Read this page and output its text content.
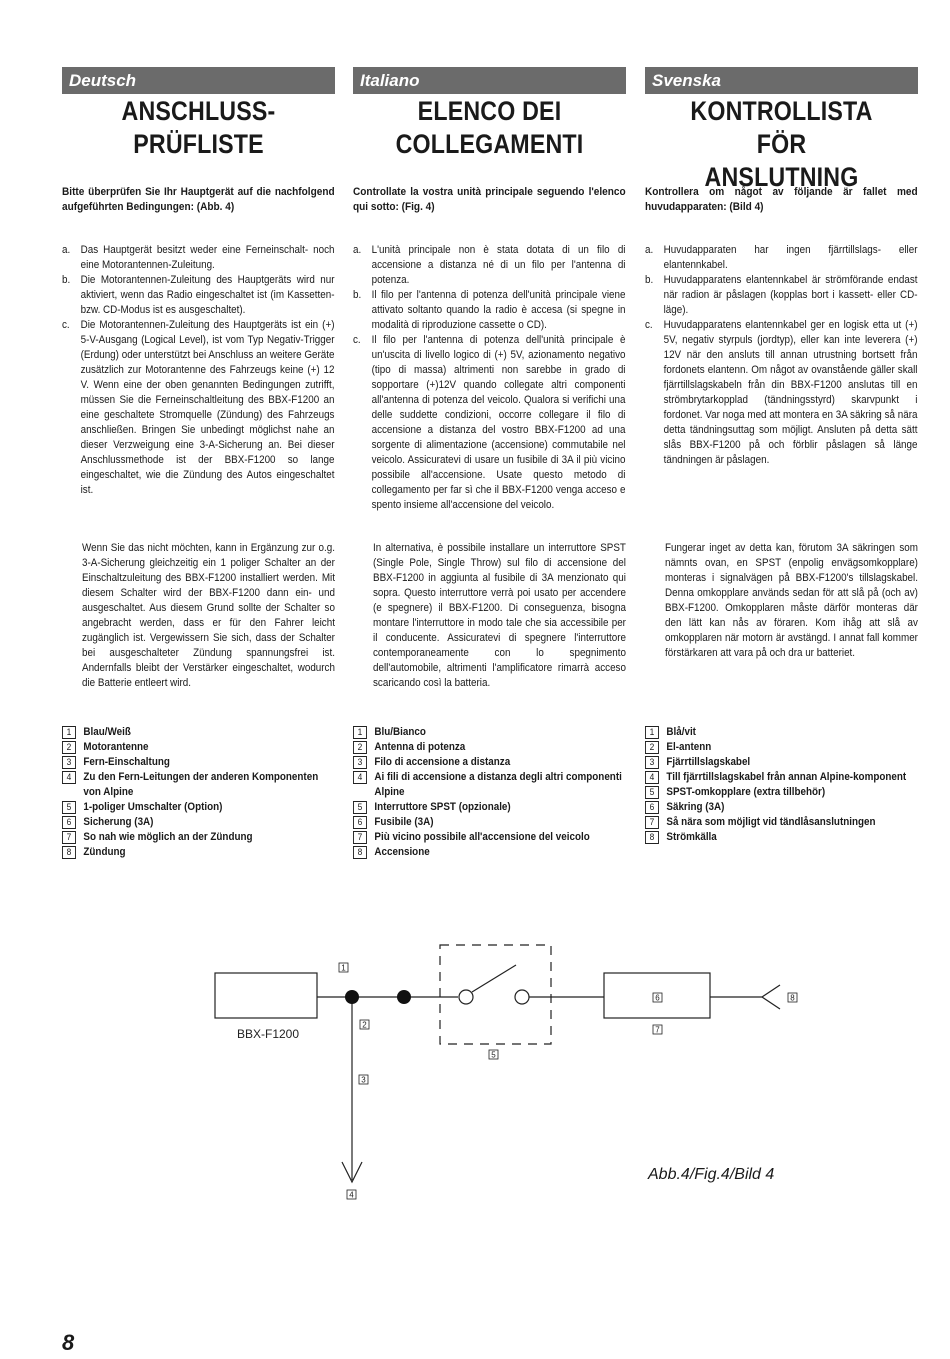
Deutsch
ANSCHLUSS-
PRÜFLISTE
Bitte überprüfen Sie Ihr Hauptgerät auf die nachfolgend aufgeführten Bedingungen: (Abb. 4)
a. Das Hauptgerät besitzt weder eine Ferneinschalt- noch eine Motorantennen-Zuleitung.
b. Die Motorantennen-Zuleitung des Hauptgeräts wird nur aktiviert, wenn das Radio eingeschaltet ist (im Kassetten- bzw. CD-Modus ist es ausgeschaltet).
c.	Die Motorantennen-Zuleitung des Hauptgeräts ist ein (+) 5-V-Ausgang (Logical Level), ist vom Typ Negativ-Trigger (Erdung) oder unterstützt bei Anschluss an weitere Geräte zusätzlich zur Motorantenne des Fahrzeugs keine (+) 12 V. Wenn eine der oben genannten Bedingungen zutrifft, müssen Sie die Ferneinschaltleitung des BBX-F1200 an eine geschaltete Stromquelle (Zündung) des Fahrzeugs anschließen. Bringen Sie unbedingt möglichst nahe an dieser Verzweigung eine 3-A-Sicherung an. Bei dieser Anschlussmethode ist der BBX-F1200 so lange eingeschaltet, wie die Zündung des Autos eingeschaltet ist.
Wenn Sie das nicht möchten, kann in Ergänzung zur o.g. 3-A-Sicherung gleichzeitig ein 1 poliger Schalter an der Einschaltzuleitung des BBX-F1200 installiert werden. Mit diesem Schalter wird der BBX-F1200 dann ein- und ausgeschaltet. Aus diesem Grund sollte der Schalter so angebracht werden, dass er für den Fahrer leicht zugänglich ist. Vergewissern Sie sich, dass der Schalter bei ausgeschalteter Zündung spannungsfrei ist. Andernfalls bleibt der Verstärker eingeschaltet, wodurch die Batterie entleert wird.
1	Blau/Weiß
2	Motorantenne
3	Fern-Einschaltung
4	Zu den Fern-Leitungen der anderen Komponenten von Alpine
5	1-poliger Umschalter (Option)
6	Sicherung (3A)
7	So nah wie möglich an der Zündung
8	Zündung
Italiano
ELENCO DEI
COLLEGAMENTI
Controllate la vostra unità principale seguendo l'elenco qui sotto: (Fig. 4)
a. L'unità principale non è stata dotata di un filo di accensione a distanza né di un filo per l'antenna di potenza.
b. Il filo per l'antenna di potenza dell'unità principale viene attivato soltanto quando la radio è accesa (si spegne in modalità di riproduzione cassette o CD).
c.	Il filo per l'antenna di potenza dell'unità principale è un'uscita di livello logico di (+) 5V, azionamento negativo (tipo di massa) altrimenti non sarebbe in grado di sopportare (+)12V quando collegate altri componenti all'antenna di potenza del veicolo. Qualora si verifichi una delle suddette condizioni, occorre collegare il filo di accensione a distanza del vostro BBX-F1200 ad una sorgente di alimentazione (accensione) commutabile nel veicolo. Assicuratevi di usare un fusibile di 3A il più vicino possibile all'accensione. Usate questo metodo di collegamento per far sì che il BBX-F1200 venga acceso e spento insieme all'accensione del veicolo.
In alternativa, è possibile installare un interruttore SPST (Single Pole, Single Throw) sul filo di accensione del BBX-F1200 in aggiunta al fusibile di 3A menzionato qui sopra. Questo interruttore verrà poi usato per accendere (e spegnere) il BBX-F1200. Di conseguenza, bisogna montare l'interruttore in modo tale che sia accessibile per il conducente. Assicuratevi di spegnere l'interruttore contemporaneamente con lo spegnimento dell'automobile, altrimenti l'amplificatore rimarrà acceso scaricando così la batteria.
1	Blu/Bianco
2	Antenna di potenza
3	Filo di accensione a distanza
4	Ai fili di accensione a distanza degli altri componenti Alpine
5	Interruttore SPST (opzionale)
6	Fusibile (3A)
7	Più vicino possibile all'accensione del veicolo
8	Accensione
Svenska
KONTROLLISTA FÖR
ANSLUTNING
Kontrollera om något av följande är fallet med huvudapparaten: (Bild 4)
a. Huvudapparaten har ingen fjärrtillslags- eller elantennkabel.
b. Huvudapparatens elantennkabel är strömförande endast när radion är påslagen (kopplas bort i kassett- eller CD-läge).
c.	Huvudapparatens elantennkabel ger en logisk etta ut (+) 5V, negativ styrpuls (jordtyp), eller kan inte leverera (+) 12V när den ansluts till annan utrustning bortsett från fordonets elantenn. Om något av ovanstående gäller skall fjärrtillslagskabeln från din BBX-F1200 anslutas till en strömbrytarkopplad (tändningsstyrd) skarvpunkt i fordonet. Var noga med att montera en 3A säkring så nära detta tändningsuttag som möjligt. Ansluten på detta sätt slås BBX-F1200 på och förblir påslagen så länge tändningen är påslagen.
Fungerar inget av detta kan, förutom 3A säkringen som nämnts ovan, en SPST (enpolig envägsomkopplare) monteras i signalvägen på BBX-F1200's tillslagskabel. Denna omkopplare används sedan för att slå på (och av) BBX-F1200. Omkopplaren måste därför monteras där den lätt kan nås av föraren. Kom ihåg att slå av omkopplaren när motorn är avstängd. I annat fall kommer förstärkaren att vara på och dra ur batteriet.
1	Blå/vit
2	El-antenn
3	Fjärrtillslagskabel
4	Till fjärrtillslagskabel från annan Alpine-komponent
5	SPST-omkopplare (extra tillbehör)
6	Säkring (3A)
7	Så nära som möjligt vid tändlåsanslutningen
8	Strömkälla
BBX-F1200
1
2
3
4
5
6
7
8
Abb.4/Fig.4/Bild 4
8
